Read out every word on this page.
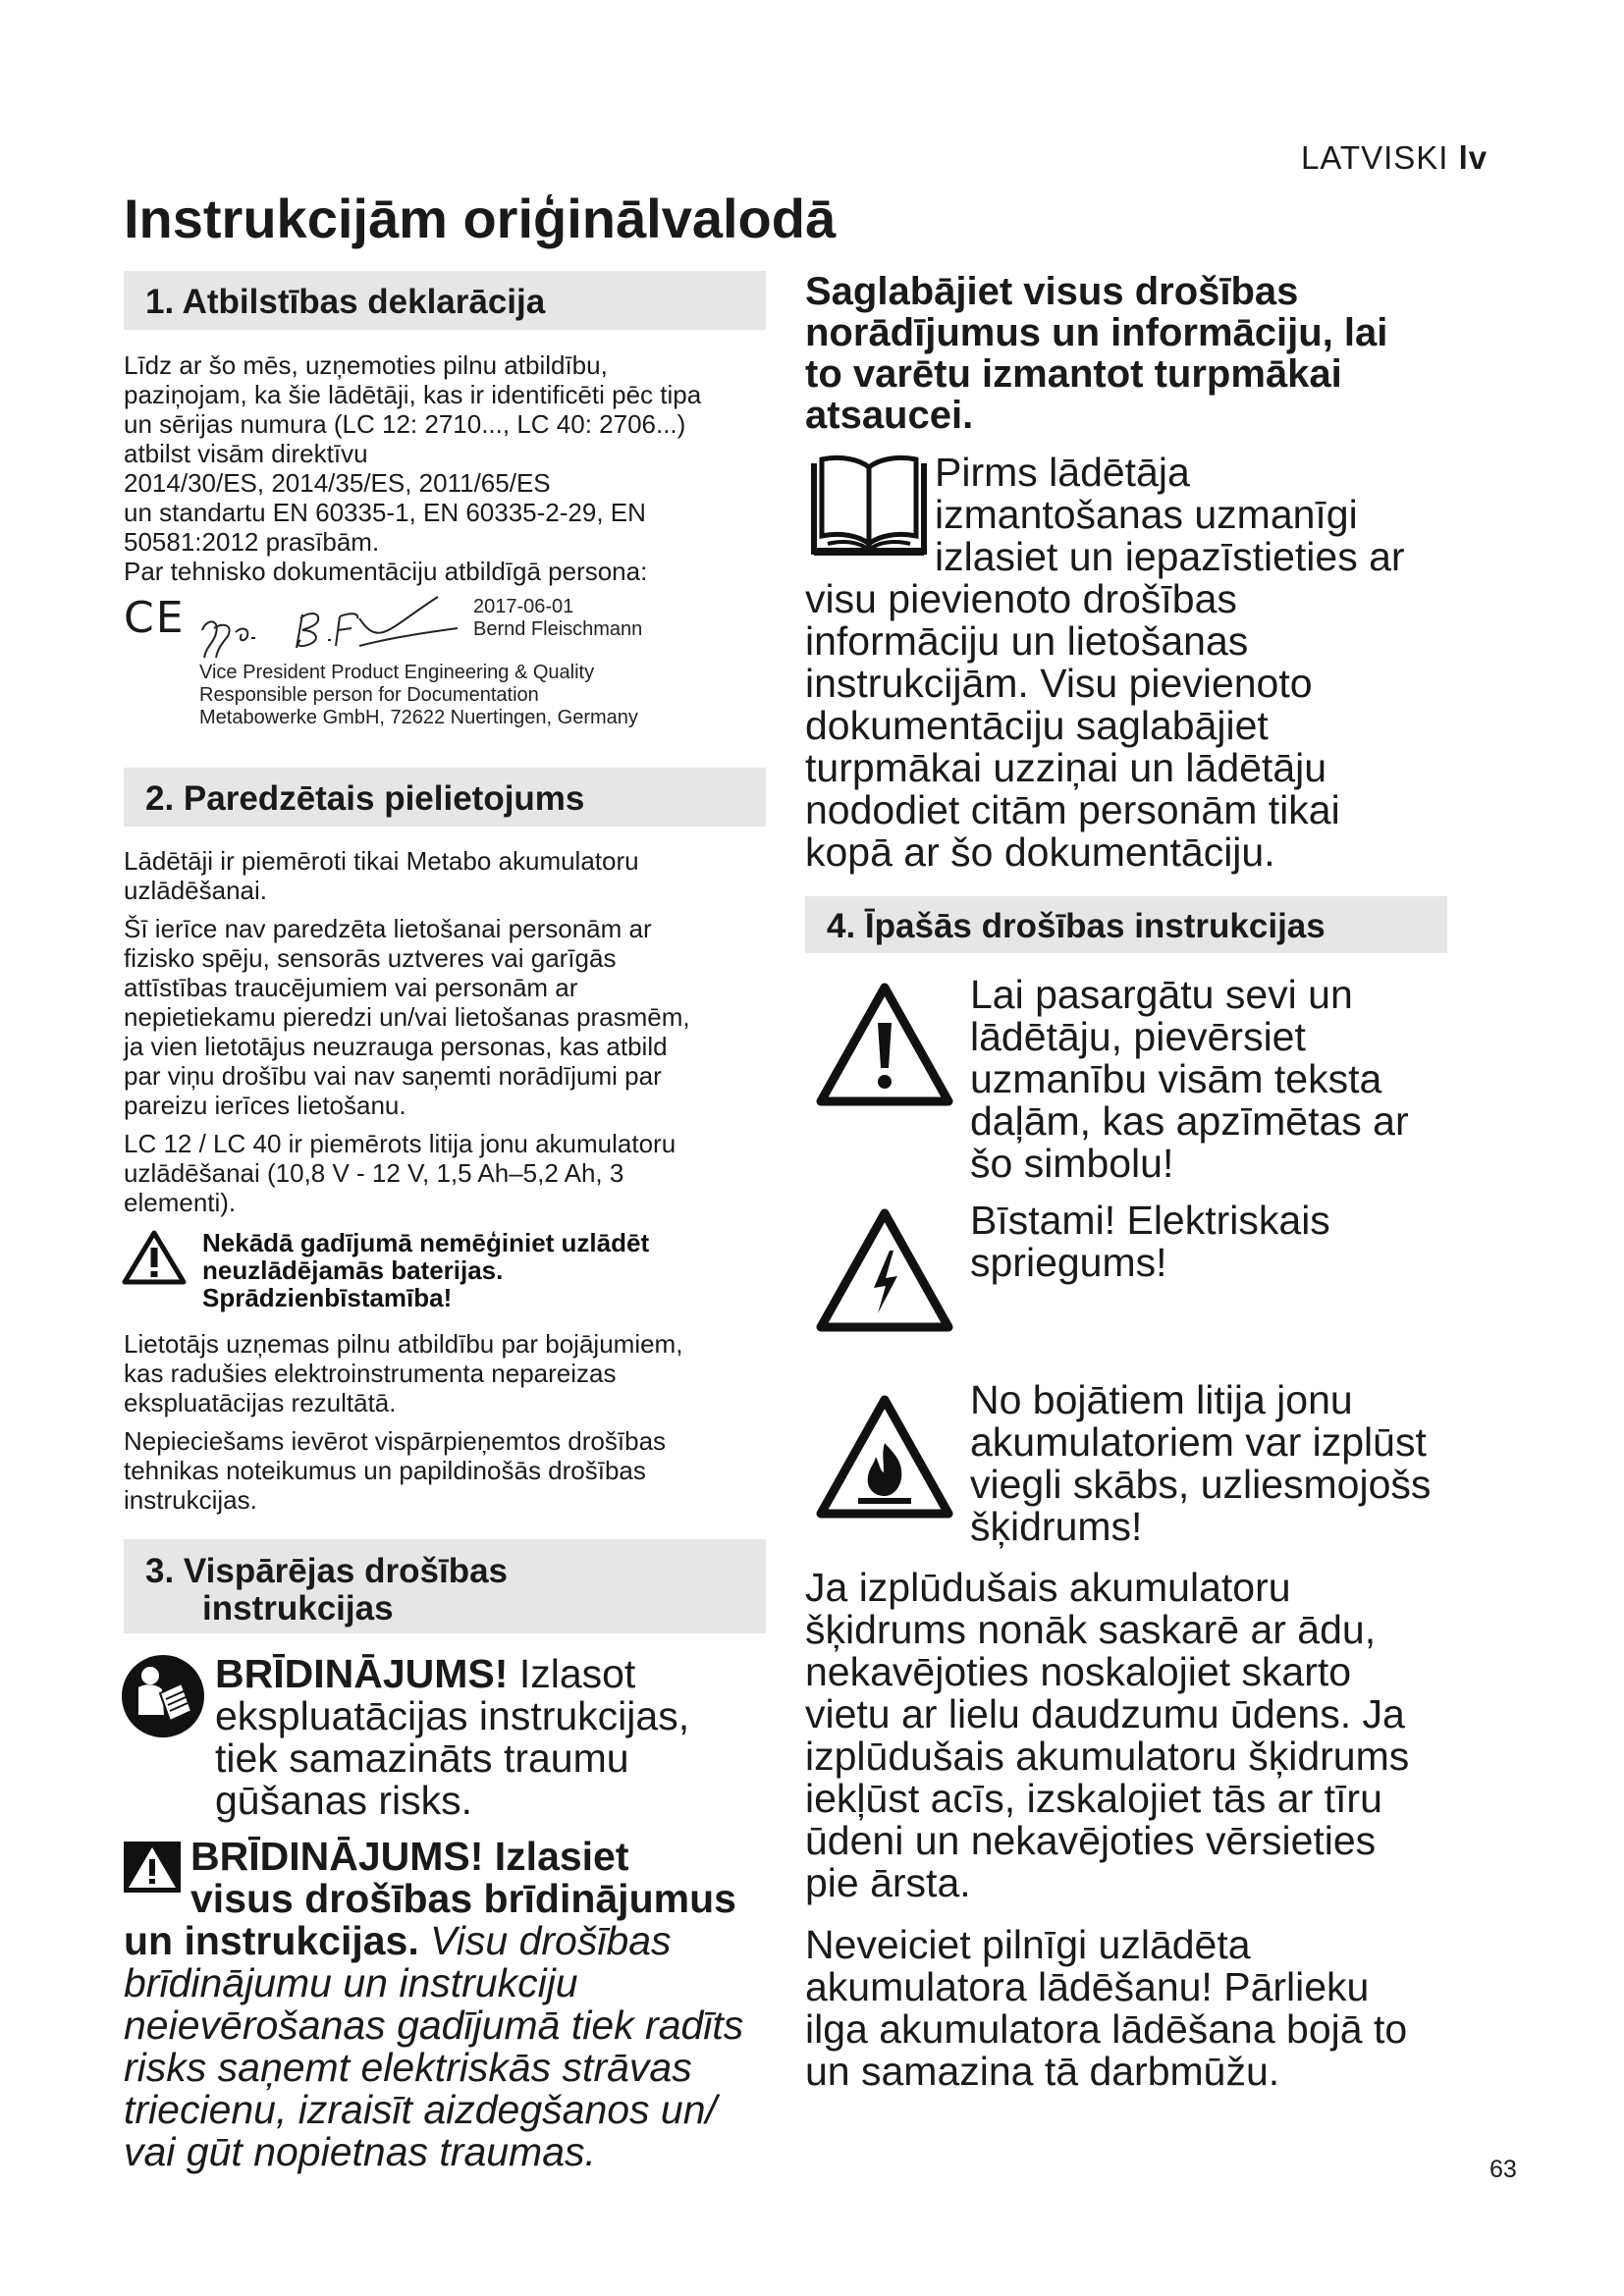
LATVISKI lv
Instrukcijām oriģinālvalodā
1. Atbilstības deklarācija
Līdz ar šo mēs, uzņemoties pilnu atbildību,
paziņojam, ka šie lādētāji, kas ir identificēti pēc tipa
un sērijas numura (LC 12: 2710..., LC 40: 2706...)
atbilst visām direktīvu
2014/30/ES, 2014/35/ES, 2011/65/ES
un standartu EN 60335-1, EN 60335-2-29, EN
50581:2012 prasībām.
Par tehnisko dokumentāciju atbildīgā persona:
CE	2017-06-01
Bernd Fleischmann
Vice President Product Engineering & Quality
Responsible person for Documentation
Metabowerke GmbH, 72622 Nuertingen, Germany
2. Paredzētais pielietojums

Lādētāji ir piemēroti tikai Metabo akumulatoru
uzlādēšanai.

Šī ierīce nav paredzēta lietošanai personām ar
fizisko spēju, sensorās uztveres vai garīgās
attīstības traucējumiem vai personām ar
nepietiekamu pieredzi un/vai lietošanas prasmēm,
ja vien lietotājus neuzrauga personas, kas atbild
par viņu drošību vai nav saņemti norādījumi par
pareizu ierīces lietošanu.

LC 12 / LC 40 ir piemērots litija jonu akumulatoru
uzlādēšanai (10,8 V - 12 V, 1,5 Ah–5,2 Ah, 3
elementi).

Nekādā gadījumā nemēģiniet uzlādēt
neuzlādējamās baterijas.
Sprādzienbīstamība!

Lietotājs uzņemas pilnu atbildību par bojājumiem,
kas radušies elektroinstrumenta nepareizas
ekspluatācijas rezultātā.

Nepieciešams ievērot vispārpieņemtos drošības
tehnikas noteikumus un papildinošās drošības
instrukcijas.

3. Vispārējas drošības
instrukcijas
BRĪDINĀJUMS! Izlasot
ekspluatācijas instrukcijas,
tiek samazināts traumu
gūšanas risks.
BRĪDINĀJUMS! Izlasiet
visus drošības brīdinājumus
un instrukcijas. Visu drošības
brīdinājumu un instrukciju
neievērošanas gadījumā tiek radīts
risks saņemt elektriskās strāvas
triecienu, izraisīt aizdegšanos un/
vai gūt nopietnas traumas.
Saglabājiet visus drošības
norādījumus un informāciju, lai
to varētu izmantot turpmākai
atsaucei.
Pirms lādētāja
izmantošanas uzmanīgi
izlasiet un iepazīstieties ar
visu pievienoto drošības
informāciju un lietošanas
instrukcijām. Visu pievienoto
dokumentāciju saglabājiet
turpmākai uzziņai un lādētāju
nododiet citām personām tikai
kopā ar šo dokumentāciju.
4. Īpašās drošības instrukcijas
Lai pasargātu sevi un
lādētāju, pievērsiet
uzmanību visām teksta
daļām, kas apzīmētas ar
šo simbolu!
Bīstami! Elektriskais
spriegums!
No bojātiem litija jonu
akumulatoriem var izplūst
viegli skābs, uzliesmojošs
šķidrums!

Ja izplūdušais akumulatoru
šķidrums nonāk saskarē ar ādu,
nekavējoties noskalojiet skarto
vietu ar lielu daudzumu ūdens. Ja
izplūdušais akumulatoru šķidrums
iekļūst acīs, izskalojiet tās ar tīru
ūdeni un nekavējoties vērsieties
pie ārsta.

Neveiciet pilnīgi uzlādēta
akumulatora lādēšanu! Pārlieku
ilga akumulatora lādēšana bojā to
un samazina tā darbmūžu.

63
